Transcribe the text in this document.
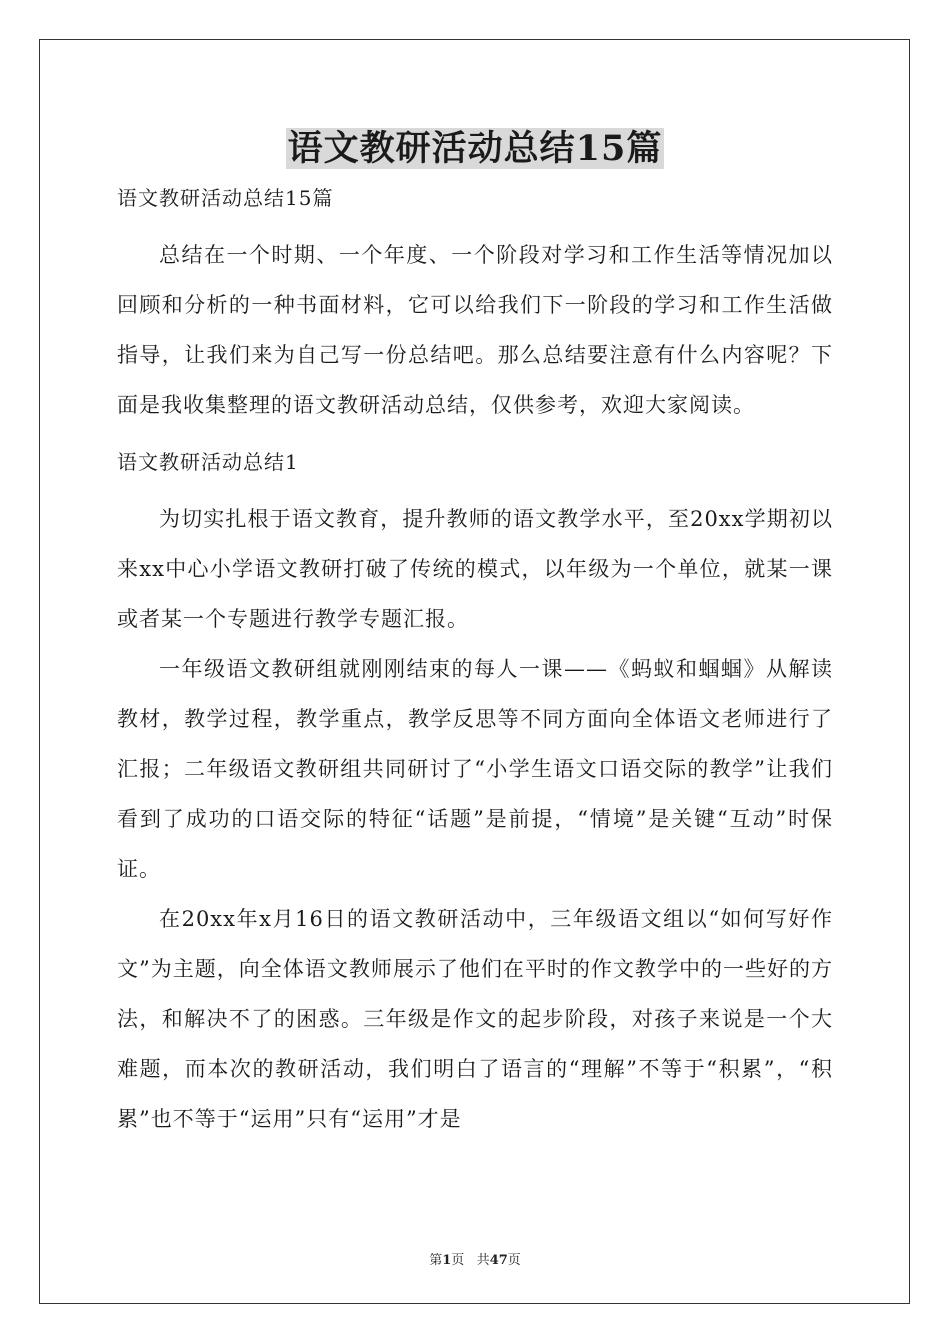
语文教研活动总结15篇

语文教研活动总结15篇

总结在一个时期、一个年度、一个阶段对学习和工作生活等情况加以回顾和分析的一种书面材料，它可以给我们下一阶段的学习和工作生活做指导，让我们来为自己写一份总结吧。那么总结要注意有什么内容呢？下面是我收集整理的语文教研活动总结，仅供参考，欢迎大家阅读。

语文教研活动总结1

为切实扎根于语文教育，提升教师的语文教学水平，至20xx学期初以来xx中心小学语文教研打破了传统的模式，以年级为一个单位，就某一课或者某一个专题进行教学专题汇报。

一年级语文教研组就刚刚结束的每人一课——《蚂蚁和蝈蝈》从解读教材，教学过程，教学重点，教学反思等不同方面向全体语文老师进行了汇报；二年级语文教研组共同研讨了“小学生语文口语交际的教学”让我们看到了成功的口语交际的特征“话题”是前提，“情境”是关键“互动”时保证。

在20xx年x月16日的语文教研活动中，三年级语文组以“如何写好作文”为主题，向全体语文教师展示了他们在平时的作文教学中的一些好的方法，和解决不了的困惑。三年级是作文的起步阶段，对孩子来说是一个大难题，而本次的教研活动，我们明白了语言的“理解”不等于“积累”，“积累”也不等于“运用”只有“运用”才是

第1页 共47页
